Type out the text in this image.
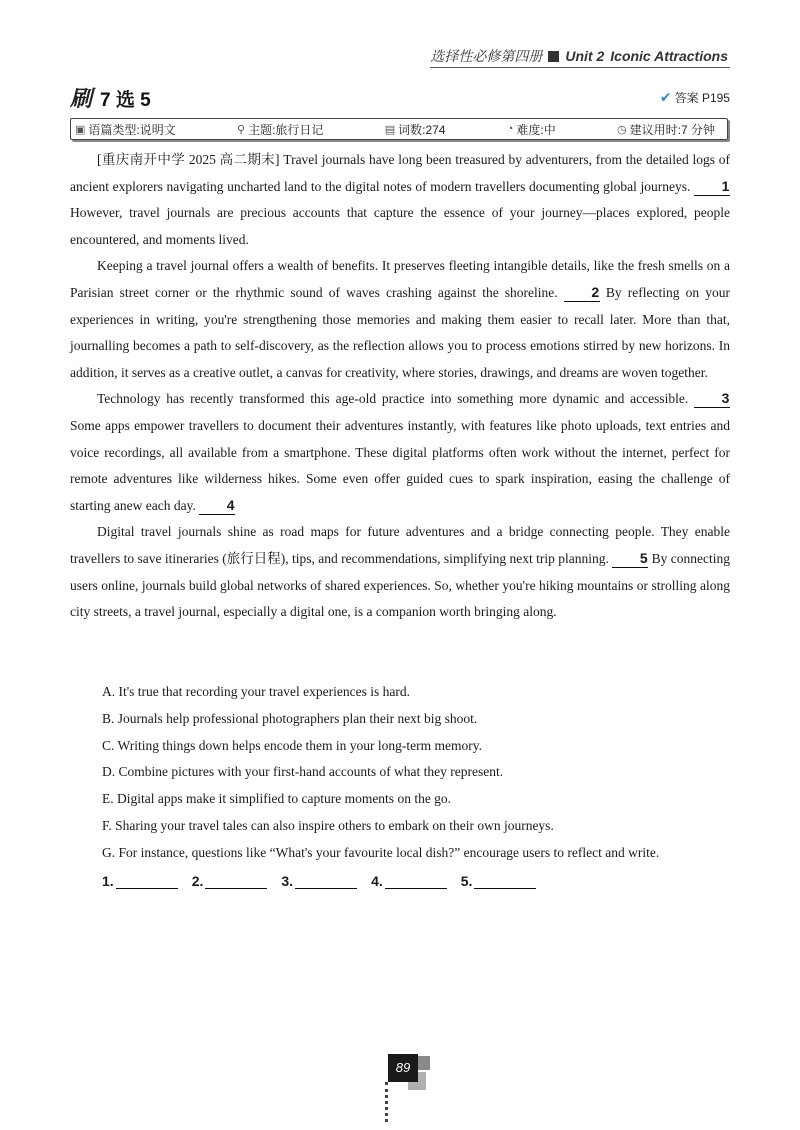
选择性必修第四册 Unit 2 Iconic Attractions
刷 7 选 5	✔ 答案 P195
▣ 语篇类型:说明文	⚲ 主题:旅行日记	▤ 词数:274	◔ 难度:中	◷ 建议用时:7 分钟

[重庆南开中学 2025 高二期末] Travel journals have long been treasured by adventurers, from the detailed logs of ancient explorers navigating uncharted land to the digital notes of modern travellers documenting global journeys. 1 However, travel journals are precious accounts that capture the essence of your journey—places explored, people encountered, and moments lived.

Keeping a travel journal offers a wealth of benefits. It preserves fleeting intangible details, like the fresh smells on a Parisian street corner or the rhythmic sound of waves crashing against the shoreline. 2 By reflecting on your experiences in writing, you're strengthening those memories and making them easier to recall later. More than that, journalling becomes a path to self-discovery, as the reflection allows you to process emotions stirred by new horizons. In addition, it serves as a creative outlet, a canvas for creativity, where stories, drawings, and dreams are woven together.

Technology has recently transformed this age-old practice into something more dynamic and accessible. 3 Some apps empower travellers to document their adventures instantly, with features like photo uploads, text entries and voice recordings, all available from a smartphone. These digital platforms often work without the internet, perfect for remote adventures like wilderness hikes. Some even offer guided cues to spark inspiration, easing the challenge of starting anew each day. 4

Digital travel journals shine as road maps for future adventures and a bridge connecting people. They enable travellers to save itineraries (旅行日程), tips, and recommendations, simplifying next trip planning. 5 By connecting users online, journals build global networks of shared experiences. So, whether you're hiking mountains or strolling along city streets, a travel journal, especially a digital one, is a companion worth bringing along.

A. It's true that recording your travel experiences is hard.
B. Journals help professional photographers plan their next big shoot.
C. Writing things down helps encode them in your long-term memory.
D. Combine pictures with your first-hand accounts of what they represent.
E. Digital apps make it simplified to capture moments on the go.
F. Sharing your travel tales can also inspire others to embark on their own journeys.
G. For instance, questions like “What's your favourite local dish?” encourage users to reflect and write.
1.	2.	3.	4.	5.
89
